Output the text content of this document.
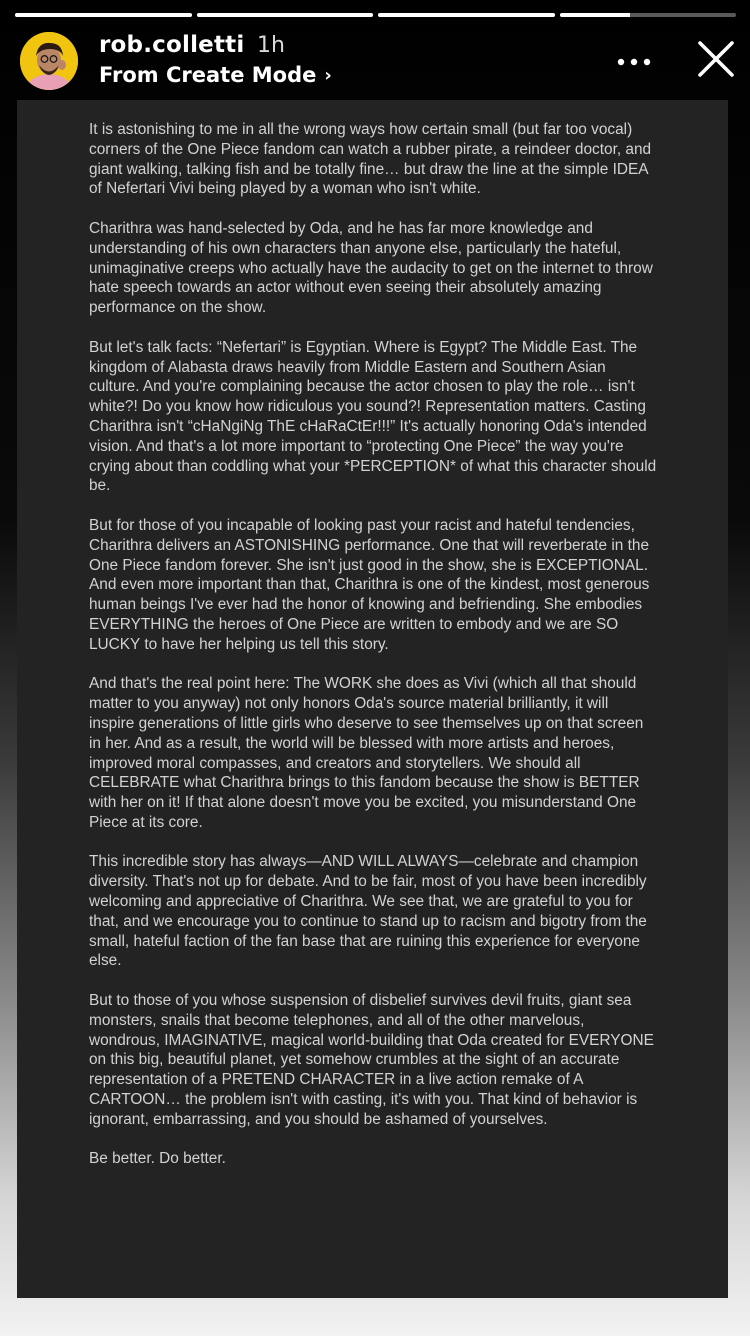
rob.colletti 1h
From Create Mode ›

It is astonishing to me in all the wrong ways how certain small (but far too vocal) corners of the One Piece fandom can watch a rubber pirate, a reindeer doctor, and giant walking, talking fish and be totally fine… but draw the line at the simple IDEA of Nefertari Vivi being played by a woman who isn't white.

Charithra was hand-selected by Oda, and he has far more knowledge and understanding of his own characters than anyone else, particularly the hateful, unimaginative creeps who actually have the audacity to get on the internet to throw hate speech towards an actor without even seeing their absolutely amazing performance on the show.

But let's talk facts: “Nefertari” is Egyptian. Where is Egypt? The Middle East. The kingdom of Alabasta draws heavily from Middle Eastern and Southern Asian culture. And you're complaining because the actor chosen to play the role… isn't white?! Do you know how ridiculous you sound?! Representation matters. Casting Charithra isn't “cHaNgiNg ThE cHaRaCtEr!!!” It's actually honoring Oda's intended vision. And that's a lot more important to “protecting One Piece” the way you're crying about than coddling what your *PERCEPTION* of what this character should be.

But for those of you incapable of looking past your racist and hateful tendencies, Charithra delivers an ASTONISHING performance. One that will reverberate in the One Piece fandom forever. She isn't just good in the show, she is EXCEPTIONAL. And even more important than that, Charithra is one of the kindest, most generous human beings I've ever had the honor of knowing and befriending. She embodies EVERYTHING the heroes of One Piece are written to embody and we are SO LUCKY to have her helping us tell this story.

And that's the real point here: The WORK she does as Vivi (which all that should matter to you anyway) not only honors Oda's source material brilliantly, it will inspire generations of little girls who deserve to see themselves up on that screen in her. And as a result, the world will be blessed with more artists and heroes, improved moral compasses, and creators and storytellers. We should all CELEBRATE what Charithra brings to this fandom because the show is BETTER with her on it! If that alone doesn't move you be excited, you misunderstand One Piece at its core.

This incredible story has always—AND WILL ALWAYS—celebrate and champion diversity. That's not up for debate. And to be fair, most of you have been incredibly welcoming and appreciative of Charithra. We see that, we are grateful to you for that, and we encourage you to continue to stand up to racism and bigotry from the small, hateful faction of the fan base that are ruining this experience for everyone else.

But to those of you whose suspension of disbelief survives devil fruits, giant sea monsters, snails that become telephones, and all of the other marvelous, wondrous, IMAGINATIVE, magical world-building that Oda created for EVERYONE on this big, beautiful planet, yet somehow crumbles at the sight of an accurate representation of a PRETEND CHARACTER in a live action remake of A CARTOON… the problem isn't with casting, it's with you. That kind of behavior is ignorant, embarrassing, and you should be ashamed of yourselves.

Be better. Do better.
